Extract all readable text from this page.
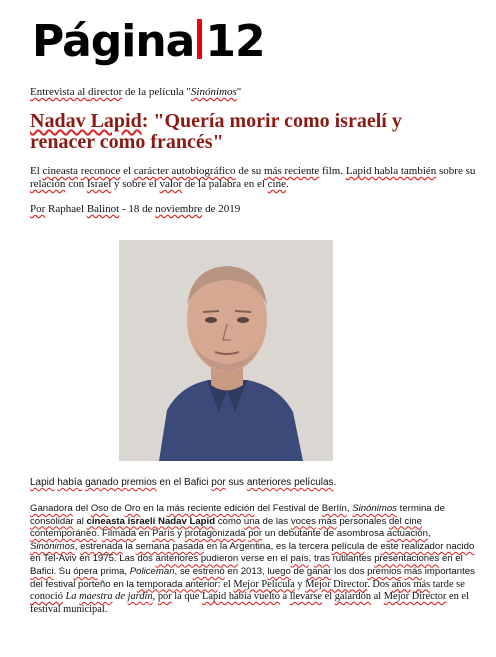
Página 12
Entrevista al director de la película "Sinónimos"
Nadav Lapid: "Quería morir como israelí y renacer como francés"
El cineasta reconoce el carácter autobiográfico de su más reciente film. Lapid habla también sobre su relación con Israel y sobre el valor de la palabra en el cine.
Por Raphael Balinot - 18 de noviembre de 2019
Lapid había ganado premios en el Bafici por sus anteriores películas.

Ganadora del Oso de Oro en la más reciente edición del Festival de Berlín, Sinónimos termina de consolidar al cineasta israelí Nadav Lapid como una de las voces más personales del cine contemporáneo. Filmada en París y protagonizada por un debutante de asombrosa actuación, Sinónimos, estrenada la semana pasada en la Argentina, es la tercera película de este realizador nacido en Tel-Aviv en 1975. Las dos anteriores pudieron verse en el país, tras rutilantes presentaciones en el Bafici. Su ópera prima, Policeman, se estrenó en 2013, luego de ganar los dos premios más importantes del festival porteño en la temporada anterior: el Mejor Película y Mejor Director. Dos años más tarde se conoció La maestra de jardín, por la que Lapid había vuelto a llevarse el galardón al Mejor Director en el festival municipal.
